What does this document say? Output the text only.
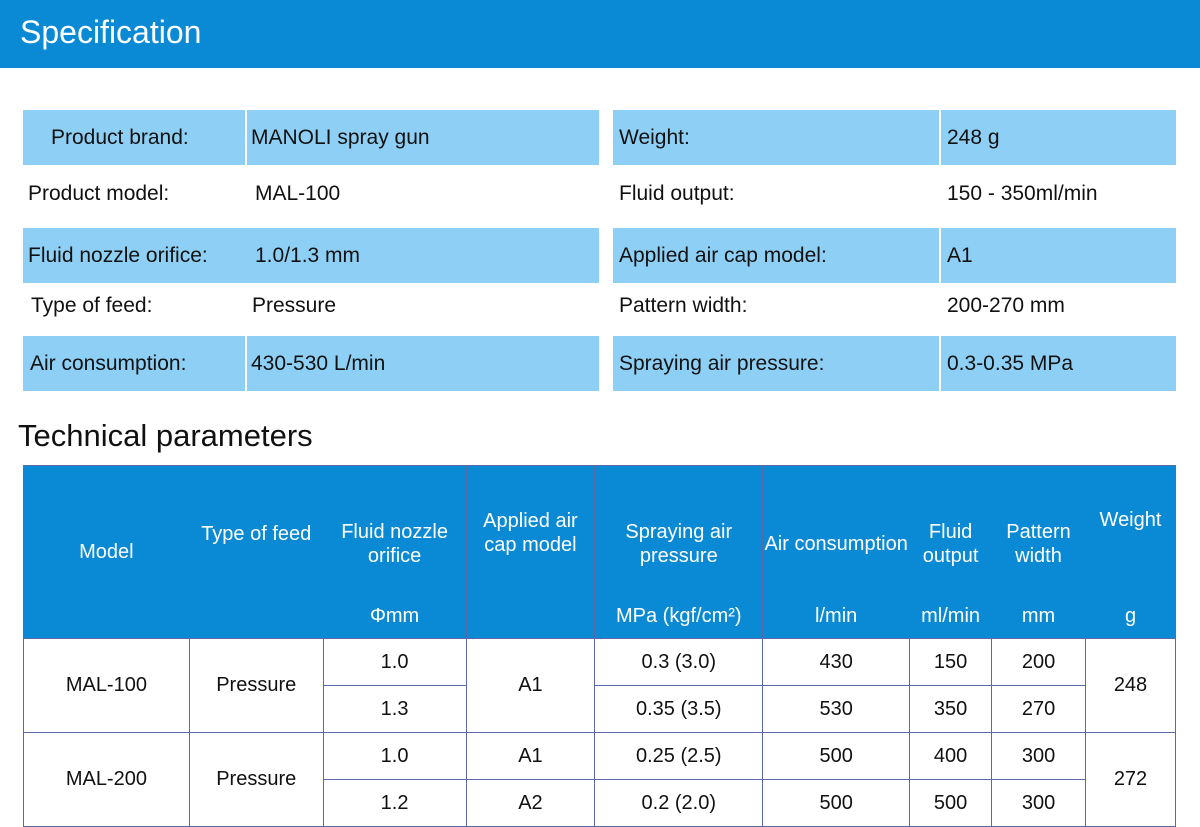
Specification
Product brand:	MANOLI spray gun
Product model:	MAL-100
Fluid nozzle orifice: 1.0/1.3 mm
Type of feed:	Pressure
Air consumption:	430-530 L/min
Weight:	248 g
Fluid output:	150 - 350ml/min
Applied air cap model:	A1
Pattern width:	200-270 mm
Spraying air pressure:	0.3-0.35 MPa
Technical parameters
Model	Type of feed	Fluid nozzle orifice	Applied air cap model	Spraying air pressure	Air consumption	Fluid output	Pattern width	Weight
		Φmm		MPa (kgf/cm²)	l/min	ml/min	mm	g
MAL-100	Pressure	1.0	A1	0.3 (3.0)	430	150	200	248
		1.3		0.35 (3.5)	530	350	270	
MAL-200	Pressure	1.0	A1	0.25 (2.5)	500	400	300	272
		1.2	A2	0.2 (2.0)	500	500	300	
